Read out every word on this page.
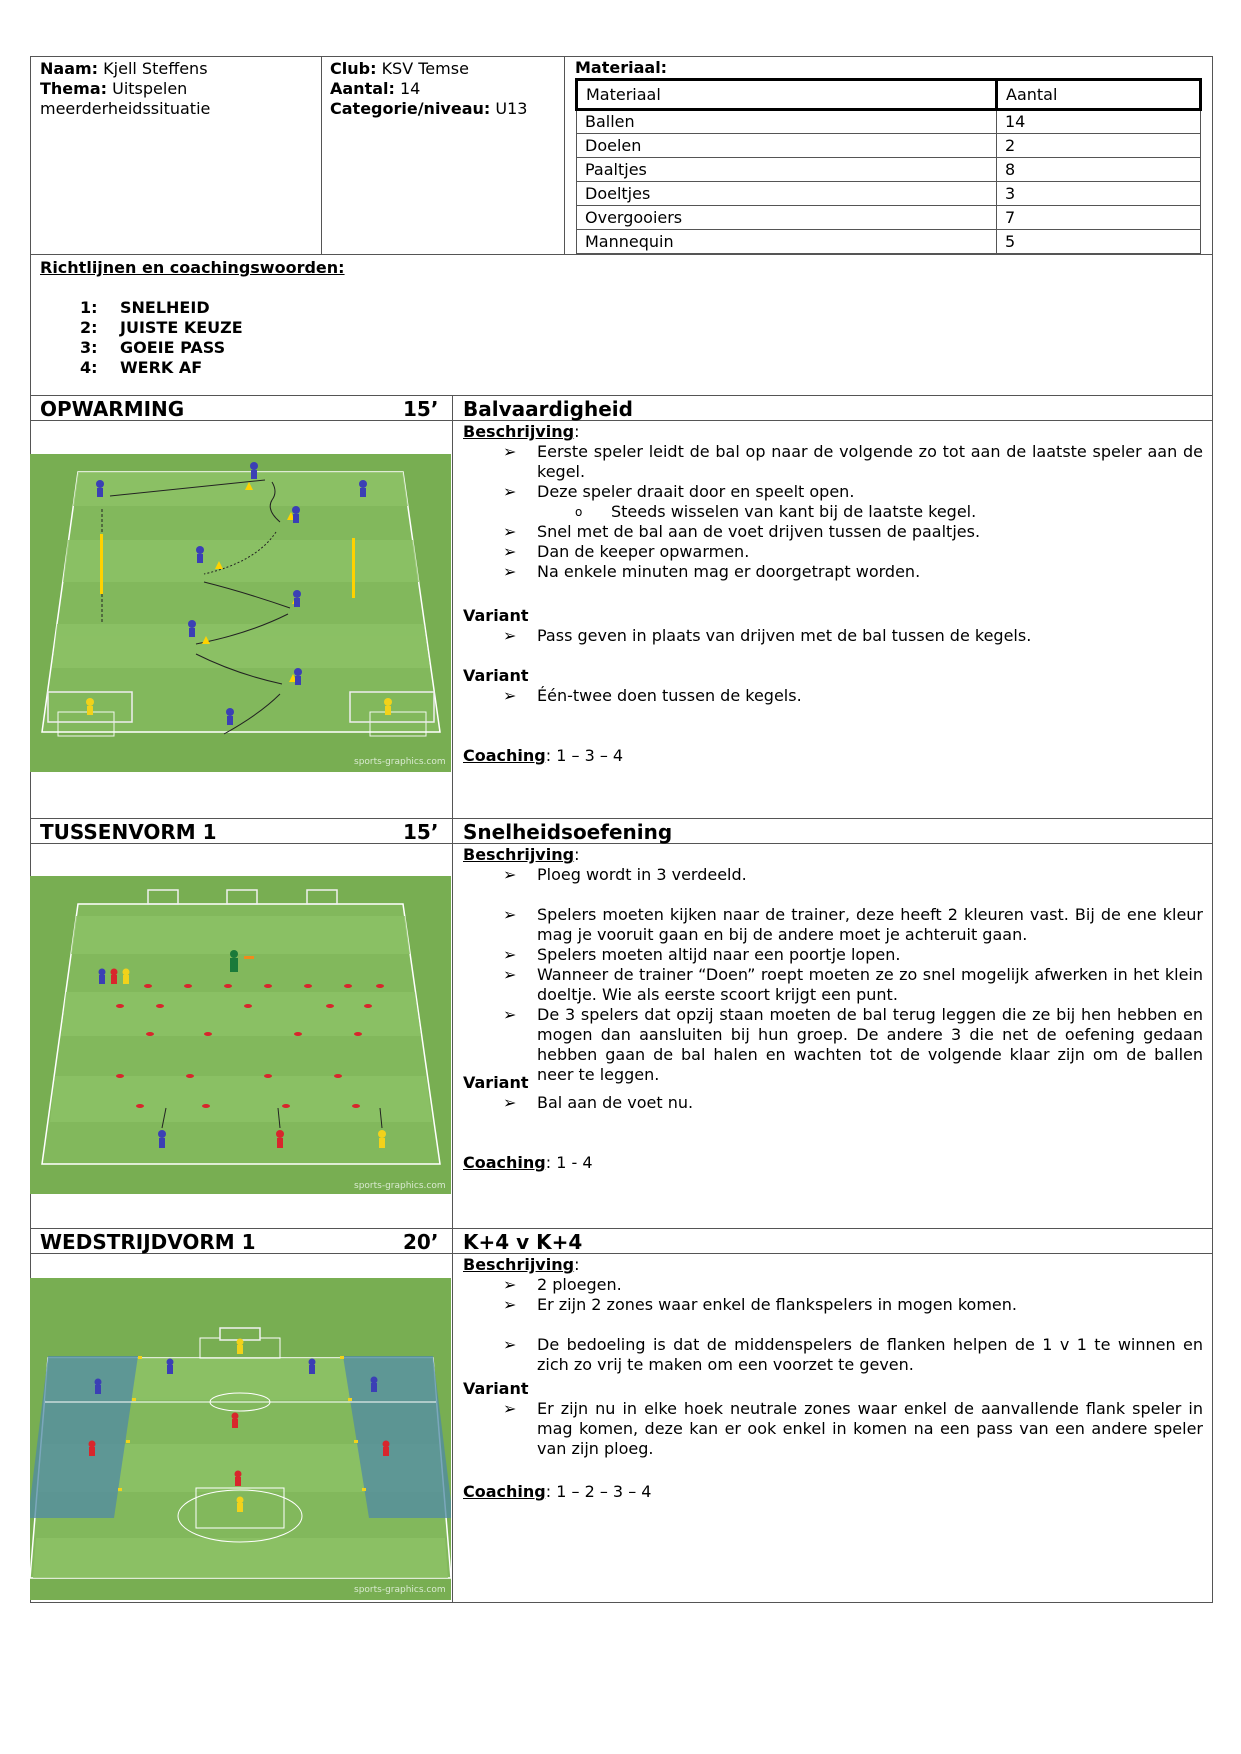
Naam: Kjell Steffens
Thema: Uitspelen
meerderheidssituatie
Club: KSV Temse
Aantal: 14
Categorie/niveau: U13
Materiaal:
Materiaal	Aantal
Ballen	14
Doelen	2
Paaltjes	8
Doeltjes	3
Overgooiers	7
Mannequin	5
Richtlijnen en coachingswoorden:
1: SNELHEID
2: JUISTE KEUZE
3: GOEIE PASS
4: WERK AF
OPWARMING	15’ Balvaardigheid
Beschrijving:
➢ Eerste speler leidt de bal op naar de volgende zo tot aan de laatste speler aan de kegel.
➢ Deze speler draait door en speelt open.
o Steeds wisselen van kant bij de laatste kegel.
➢ Snel met de bal aan de voet drijven tussen de paaltjes.
➢ Dan de keeper opwarmen.
➢ Na enkele minuten mag er doorgetrapt worden.
Variant
➢ Pass geven in plaats van drijven met de bal tussen de kegels.
Variant
➢ Één-twee doen tussen de kegels.
Coaching: 1 – 3 – 4
sports-graphics.com
TUSSENVORM 1	15’ Snelheidsoefening
Beschrijving:
➢ Ploeg wordt in 3 verdeeld.
➢ Spelers moeten kijken naar de trainer, deze heeft 2 kleuren vast. Bij de ene kleur mag je vooruit gaan en bij de andere moet je achteruit gaan.
➢ Spelers moeten altijd naar een poortje lopen.
➢ Wanneer de trainer “Doen” roept moeten ze zo snel mogelijk afwerken in het klein doeltje. Wie als eerste scoort krijgt een punt.
➢ De 3 spelers dat opzij staan moeten de bal terug leggen die ze bij hen hebben en mogen dan aansluiten bij hun groep. De andere 3 die net de oefening gedaan hebben gaan de bal halen en wachten tot de volgende klaar zijn om de ballen neer te leggen.
Variant
➢ Bal aan de voet nu.
Coaching: 1 - 4
sports-graphics.com
WEDSTRIJDVORM 1	20’ K+4 v K+4
Beschrijving:
➢ 2 ploegen.
➢ Er zijn 2 zones waar enkel de flankspelers in mogen komen.
➢ De bedoeling is dat de middenspelers de flanken helpen de 1 v 1 te winnen en zich zo vrij te maken om een voorzet te geven.
Variant
➢ Er zijn nu in elke hoek neutrale zones waar enkel de aanvallende flank speler in mag komen, deze kan er ook enkel in komen na een pass van een andere speler van zijn ploeg.
Coaching: 1 – 2 – 3 – 4
sports-graphics.com
